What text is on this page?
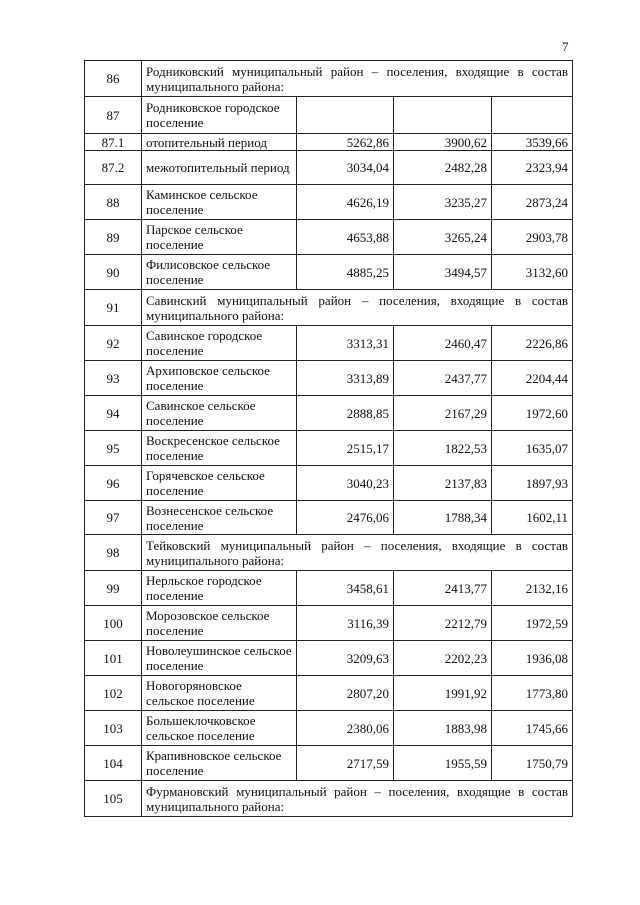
7
86	Родниковский муниципальный район – поселения, входящие в состав муниципального района:			
87	Родниковское городское поселение			
87.1	отопительный период	5262,86	3900,62	3539,66
87.2	межотопительный период	3034,04	2482,28	2323,94
88	Каминское сельское поселение	4626,19	3235,27	2873,24
89	Парское сельское поселение	4653,88	3265,24	2903,78
90	Филисовское сельское поселение	4885,25	3494,57	3132,60
91	Савинский муниципальный район – поселения, входящие в состав муниципального района:			
92	Савинское городское поселение	3313,31	2460,47	2226,86
93	Архиповское сельское поселение	3313,89	2437,77	2204,44
94	Савинское сельское поселение	2888,85	2167,29	1972,60
95	Воскресенское сельское поселение	2515,17	1822,53	1635,07
96	Горячевское сельское поселение	3040,23	2137,83	1897,93
97	Вознесенское сельское поселение	2476,06	1788,34	1602,11
98	Тейковский муниципальный район – поселения, входящие в состав муниципального района:			
99	Нерльское городское поселение	3458,61	2413,77	2132,16
100	Морозовское сельское поселение	3116,39	2212,79	1972,59
101	Новолеушинское сельское поселение	3209,63	2202,23	1936,08
102	Новогоряновское сельское поселение	2807,20	1991,92	1773,80
103	Большеклочковское сельское поселение	2380,06	1883,98	1745,66
104	Крапивновское сельское поселение	2717,59	1955,59	1750,79
105	Фурмановский муниципальный район – поселения, входящие в состав муниципального района:			
